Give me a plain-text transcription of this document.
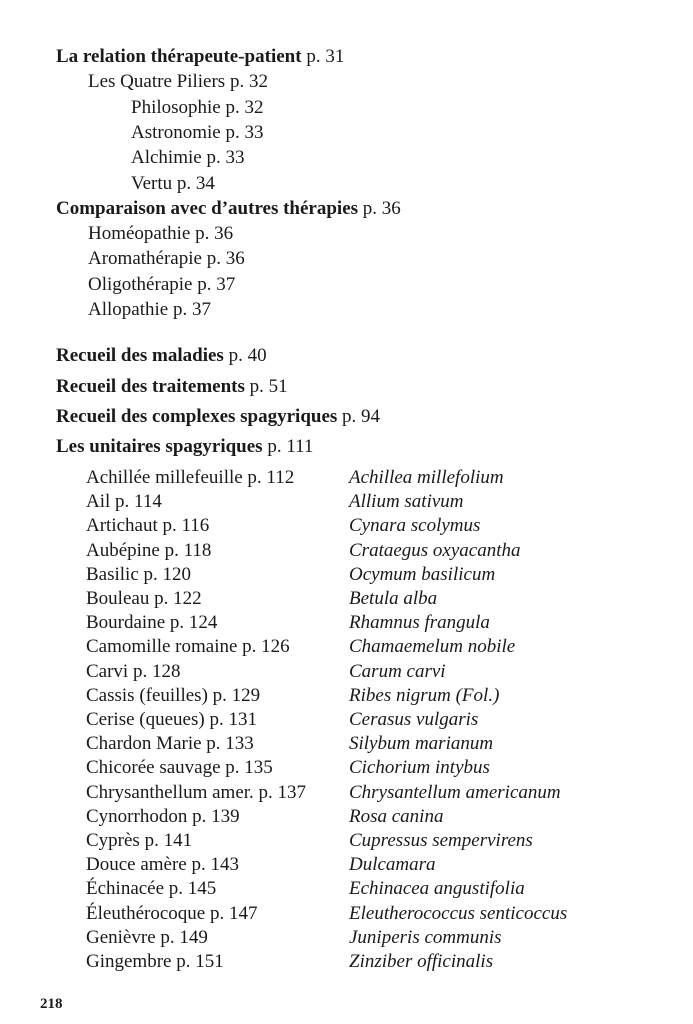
La relation thérapeute-patient p. 31
Les Quatre Piliers p. 32
Philosophie p. 32
Astronomie p. 33
Alchimie p. 33
Vertu p. 34
Comparaison avec d’autres thérapies p. 36
Homéopathie p. 36
Aromathérapie p. 36
Oligothérapie p. 37
Allopathie p. 37
Recueil des maladies p. 40
Recueil des traitements p. 51
Recueil des complexes spagyriques p. 94
Les unitaires spagyriques p. 111
Achillée millefeuille p. 112	Achillea millefolium
Ail p. 114	Allium sativum
Artichaut p. 116	Cynara scolymus
Aubépine p. 118	Crataegus oxyacantha
Basilic p. 120	Ocymum basilicum
Bouleau p. 122	Betula alba
Bourdaine p. 124	Rhamnus frangula
Camomille romaine p. 126	Chamaemelum nobile
Carvi p. 128	Carum carvi
Cassis (feuilles) p. 129	Ribes nigrum (Fol.)
Cerise (queues) p. 131	Cerasus vulgaris
Chardon Marie p. 133	Silybum marianum
Chicorée sauvage p. 135	Cichorium intybus
Chrysanthellum amer. p. 137 Chrysantellum americanum
Cynorrhodon p. 139	Rosa canina
Cyprès p. 141	Cupressus sempervirens
Douce amère p. 143	Dulcamara
Échinacée p. 145	Echinacea angustifolia
Éleuthérocoque p. 147	Eleutherococcus senticoccus
Genièvre p. 149	Juniperis communis
Gingembre p. 151	Zinziber officinalis
218
